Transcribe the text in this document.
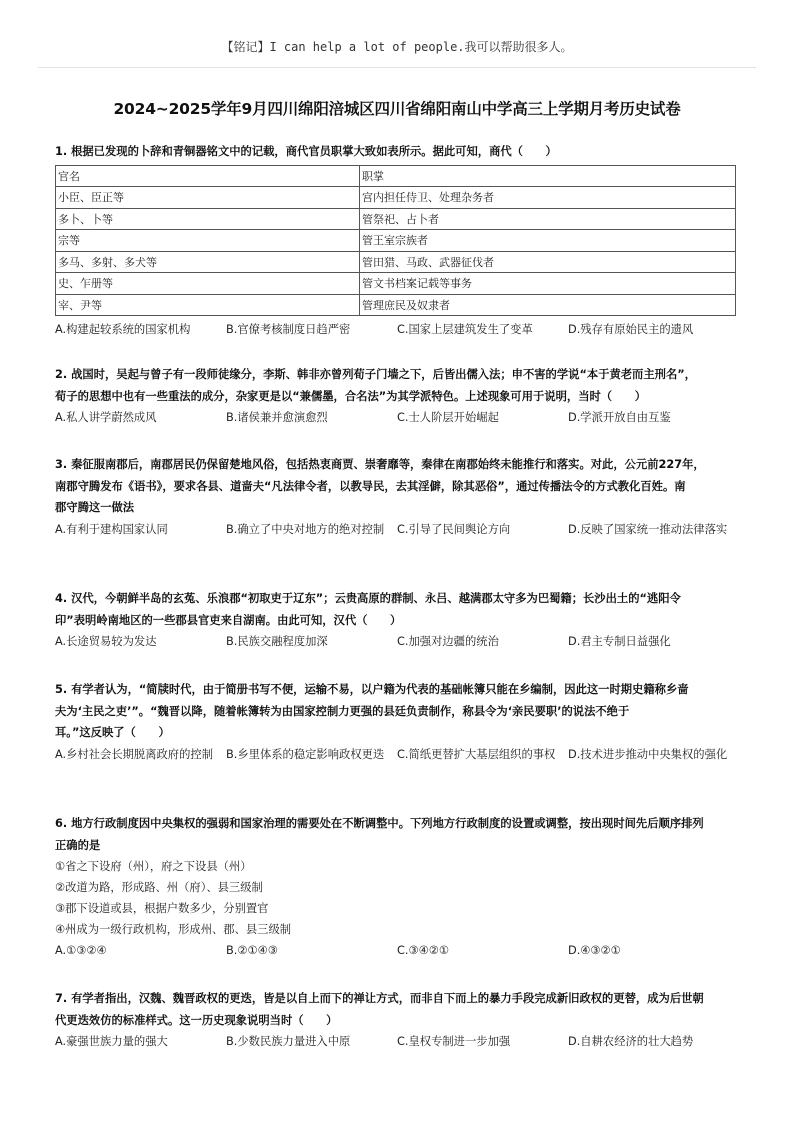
【铭记】I can help a lot of people.我可以帮助很多人。
2024~2025学年9月四川绵阳涪城区四川省绵阳南山中学高三上学期月考历史试卷
1. 根据已发现的卜辞和青铜器铭文中的记载，商代官员职掌大致如表所示。据此可知，商代（　　）
官名	职掌
小臣、臣正等	宫内担任侍卫、处理杂务者
多卜、卜等	管祭祀、占卜者
宗等	管王室宗族者
多马、多射、多犬等	管田猎、马政、武器征伐者
史、乍册等	管文书档案记载等事务
宰、尹等	管理庶民及奴隶者
A. 构建起较系统的国家机构	B. 官僚考核制度日趋严密	C. 国家上层建筑发生了变革	D. 残存有原始民主的遗风
2. 战国时，吴起与曾子有一段师徒缘分，李斯、韩非亦曾列荀子门墙之下，后皆出儒入法；申不害的学说“本于黄老而主刑名”，
荀子的思想中也有一些重法的成分，杂家更是以“兼儒墨，合名法”为其学派特色。上述现象可用于说明，当时（　　）
A. 私人讲学蔚然成风	B. 诸侯兼并愈演愈烈	C. 士人阶层开始崛起	D. 学派开放自由互鉴
3. 秦征服南郡后，南郡居民仍保留楚地风俗，包括热衷商贾、崇奢靡等，秦律在南郡始终未能推行和落实。对此，公元前227年，
南郡守腾发布《语书》，要求各县、道啬夫“凡法律令者，以教导民，去其淫僻，除其恶俗”，通过传播法令的方式教化百姓。南
郡守腾这一做法
A. 有利于建构国家认同	B. 确立了中央对地方的绝对控制 C. 引导了民间舆论方向	D. 反映了国家统一推动法律落实
4. 汉代，今朝鲜半岛的玄菟、乐浪郡“初取吏于辽东”；云贵高原的群制、永吕、越满郡太守多为巴蜀籍；长沙出土的“逃阳令
印”表明岭南地区的一些郡县官吏来自湖南。由此可知，汉代（　　）
A. 长途贸易较为发达	B. 民族交融程度加深	C. 加强对边疆的统治	D. 君主专制日益强化
5. 有学者认为，“简牍时代，由于简册书写不便，运输不易，以户籍为代表的基础帐簿只能在乡编制，因此这一时期史籍称乡啬
夫为‘主民之吏’”。“魏晋以降，随着帐簿转为由国家控制力更强的县廷负责制作，称县令为‘亲民要职’的说法不绝于
耳。”这反映了（　　）
A. 乡村社会长期脱离政府的控制 B. 乡里体系的稳定影响政权更迭 C. 简纸更替扩大基层组织的事权 D. 技术进步推动中央集权的强化
6. 地方行政制度因中央集权的强弱和国家治理的需要处在不断调整中。下列地方行政制度的设置或调整，按出现时间先后顺序排列
正确的是
①省之下设府（州），府之下设县（州）
②改道为路，形成路、州（府）、县三级制
③郡下设道或县，根据户数多少，分别置官
④州成为一级行政机构，形成州、郡、县三级制
A. ①③②④	B. ②①④③	C. ③④②①	D. ④③②①
7. 有学者指出，汉魏、魏晋政权的更迭，皆是以自上而下的禅让方式，而非自下而上的暴力手段完成新旧政权的更替，成为后世朝
代更迭效仿的标准样式。这一历史现象说明当时（　　）
A. 豪强世族力量的强大	B. 少数民族力量进入中原	C. 皇权专制进一步加强	D. 自耕农经济的壮大趋势
